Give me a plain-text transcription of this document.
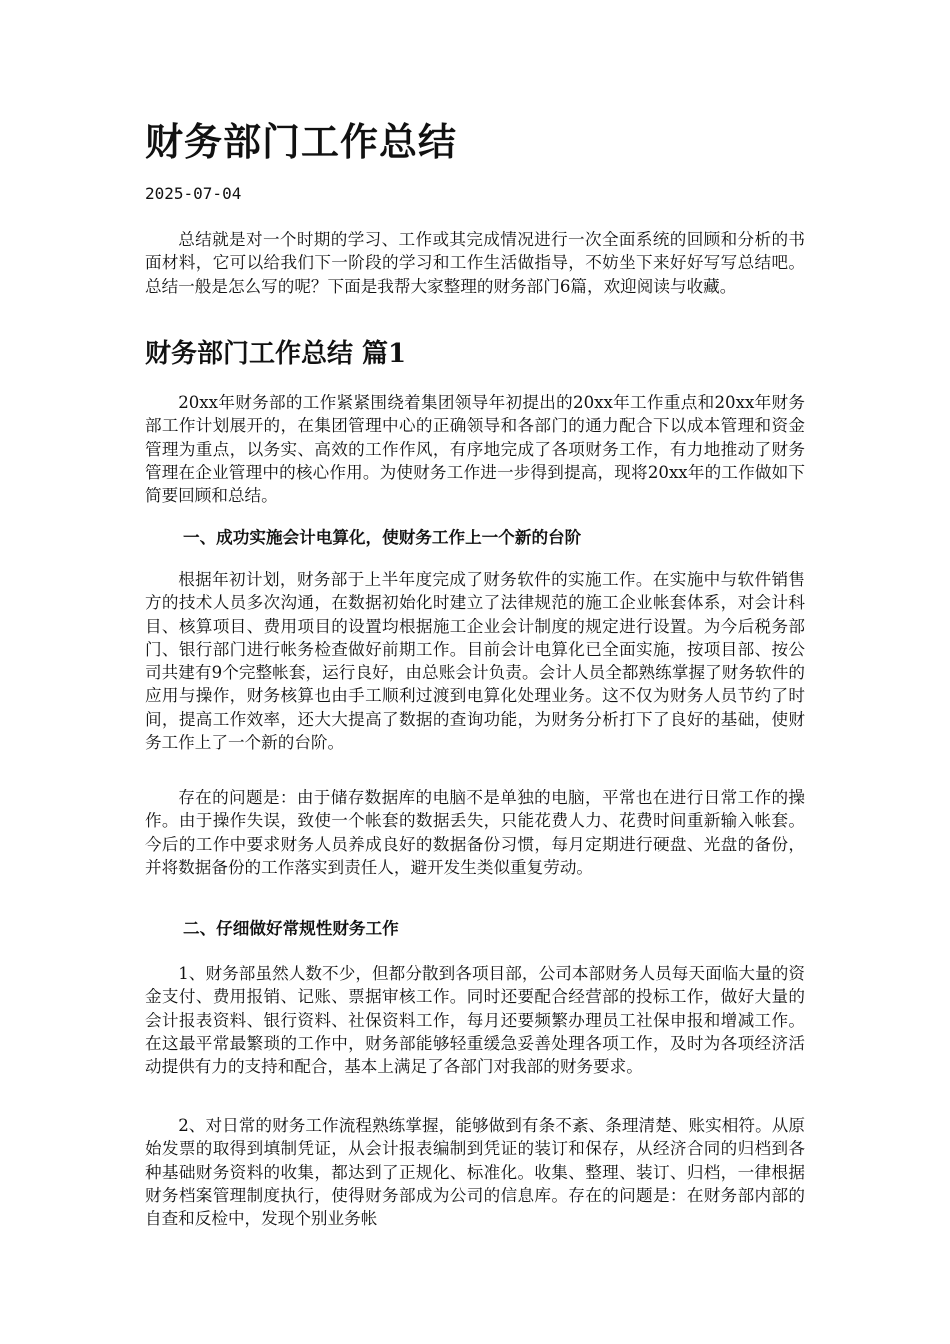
财务部门工作总结

2025-07-04

总结就是对一个时期的学习、工作或其完成情况进行一次全面系统的回顾和分析的书面材料，它可以给我们下一阶段的学习和工作生活做指导，不妨坐下来好好写写总结吧。总结一般是怎么写的呢？下面是我帮大家整理的财务部门6篇，欢迎阅读与收藏。

财务部门工作总结 篇1

20xx年财务部的工作紧紧围绕着集团领导年初提出的20xx年工作重点和20xx年财务部工作计划展开的，在集团管理中心的正确领导和各部门的通力配合下以成本管理和资金管理为重点，以务实、高效的工作作风，有序地完成了各项财务工作，有力地推动了财务管理在企业管理中的核心作用。为使财务工作进一步得到提高，现将20xx年的工作做如下简要回顾和总结。

一、成功实施会计电算化，使财务工作上一个新的台阶

根据年初计划，财务部于上半年度完成了财务软件的实施工作。在实施中与软件销售方的技术人员多次沟通，在数据初始化时建立了法律规范的施工企业帐套体系，对会计科目、核算项目、费用项目的设置均根据施工企业会计制度的规定进行设置。为今后税务部门、银行部门进行帐务检查做好前期工作。目前会计电算化已全面实施，按项目部、按公司共建有9个完整帐套，运行良好，由总账会计负责。会计人员全都熟练掌握了财务软件的应用与操作，财务核算也由手工顺利过渡到电算化处理业务。这不仅为财务人员节约了时间，提高工作效率，还大大提高了数据的查询功能，为财务分析打下了良好的基础，使财务工作上了一个新的台阶。

存在的问题是：由于储存数据库的电脑不是单独的电脑，平常也在进行日常工作的操作。由于操作失误，致使一个帐套的数据丢失，只能花费人力、花费时间重新输入帐套。今后的工作中要求财务人员养成良好的数据备份习惯，每月定期进行硬盘、光盘的备份，并将数据备份的工作落实到责任人，避开发生类似重复劳动。

二、仔细做好常规性财务工作

1、财务部虽然人数不少，但都分散到各项目部，公司本部财务人员每天面临大量的资金支付、费用报销、记账、票据审核工作。同时还要配合经营部的投标工作，做好大量的会计报表资料、银行资料、社保资料工作，每月还要频繁办理员工社保申报和增减工作。在这最平常最繁琐的工作中，财务部能够轻重缓急妥善处理各项工作，及时为各项经济活动提供有力的支持和配合，基本上满足了各部门对我部的财务要求。

2、对日常的财务工作流程熟练掌握，能够做到有条不紊、条理清楚、账实相符。从原始发票的取得到填制凭证，从会计报表编制到凭证的装订和保存，从经济合同的归档到各种基础财务资料的收集，都达到了正规化、标准化。收集、整理、装订、归档，一律根据财务档案管理制度执行，使得财务部成为公司的信息库。存在的问题是：在财务部内部的自查和反检中，发现个别业务帐
